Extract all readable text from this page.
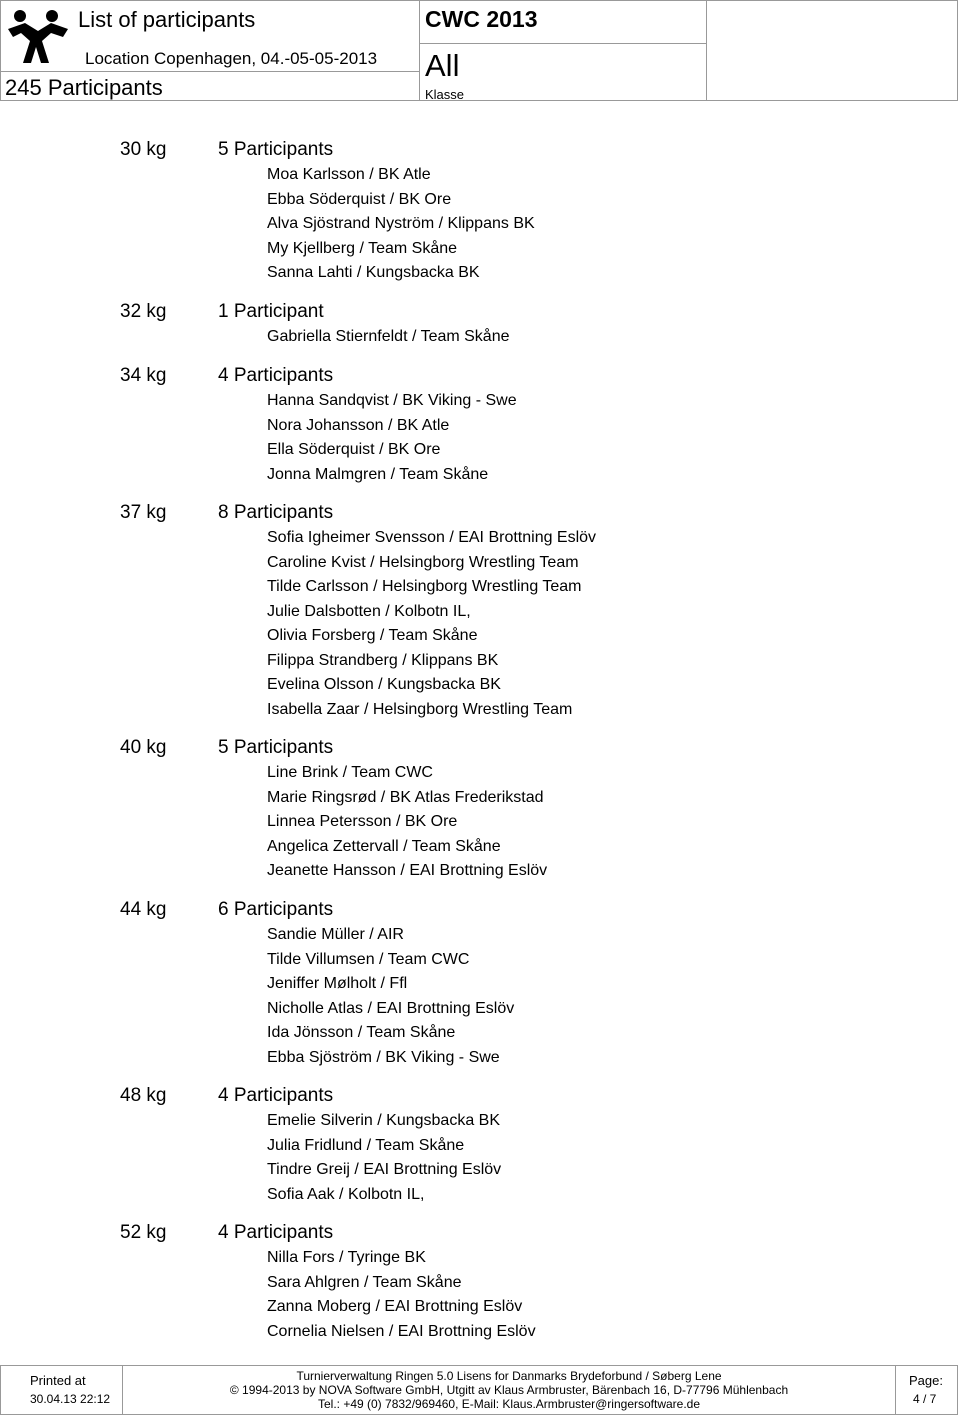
List of participants
Location Copenhagen, 04.-05-05-2013
245 Participants
CWC 2013
All
Klasse
30 kg	5 Participants
Moa Karlsson / BK Atle
Ebba Söderquist / BK Ore
Alva Sjöstrand Nyström / Klippans BK
My Kjellberg / Team Skåne
Sanna Lahti / Kungsbacka BK
32 kg	1 Participant
Gabriella Stiernfeldt / Team Skåne
34 kg	4 Participants
Hanna Sandqvist / BK Viking - Swe
Nora Johansson / BK Atle
Ella Söderquist / BK Ore
Jonna Malmgren / Team Skåne
37 kg	8 Participants
Sofia Igheimer Svensson / EAI Brottning Eslöv
Caroline Kvist / Helsingborg Wrestling Team
Tilde Carlsson / Helsingborg Wrestling Team
Julie Dalsbotten / Kolbotn IL,
Olivia Forsberg / Team Skåne
Filippa Strandberg / Klippans BK
Evelina Olsson / Kungsbacka BK
Isabella Zaar / Helsingborg Wrestling Team
40 kg	5 Participants
Line Brink / Team CWC
Marie Ringsrød / BK Atlas Frederikstad
Linnea Petersson / BK Ore
Angelica Zettervall / Team Skåne
Jeanette Hansson / EAI Brottning Eslöv
44 kg	6 Participants
Sandie Müller / AIR
Tilde Villumsen / Team CWC
Jeniffer Mølholt / Ffl
Nicholle Atlas / EAI Brottning Eslöv
Ida Jönsson / Team Skåne
Ebba Sjöström / BK Viking - Swe
48 kg	4 Participants
Emelie Silverin / Kungsbacka BK
Julia Fridlund / Team Skåne
Tindre Greij / EAI Brottning Eslöv
Sofia Aak / Kolbotn IL,
52 kg	4 Participants
Nilla Fors / Tyringe BK
Sara Ahlgren / Team Skåne
Zanna Moberg / EAI Brottning Eslöv
Cornelia Nielsen / EAI Brottning Eslöv
Printed at
30.04.13 22:12
Turnierverwaltung Ringen 5.0 Lisens for Danmarks Brydeforbund / Søberg Lene
© 1994-2013 by NOVA Software GmbH, Utgitt av Klaus Armbruster, Bärenbach 16, D-77796 Mühlenbach
Tel.: +49 (0) 7832/969460, E-Mail: Klaus.Armbruster@ringersoftware.de
Page:
4 / 7
